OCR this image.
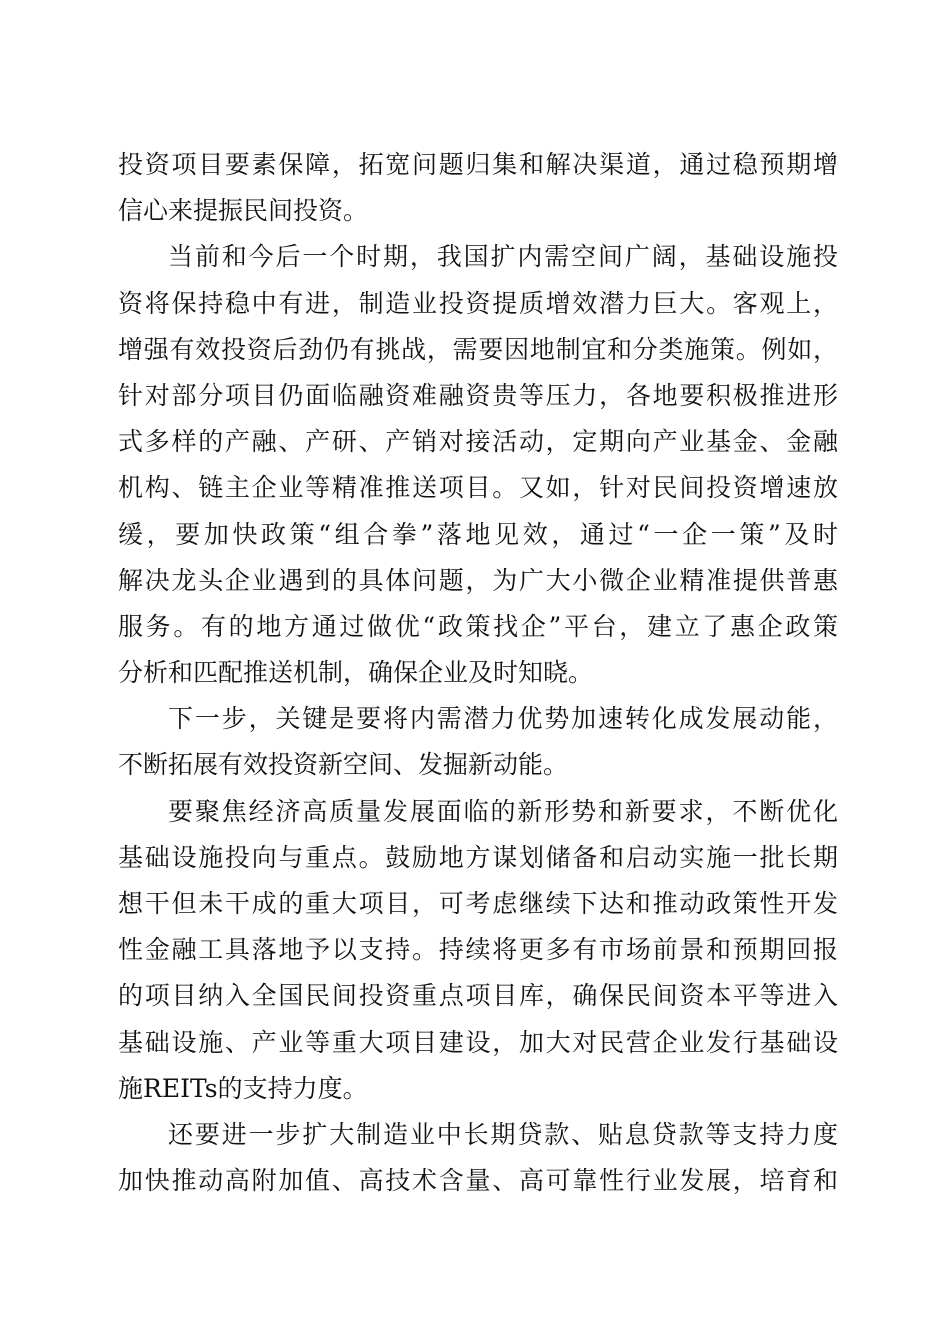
投资项目要素保障，拓宽问题归集和解决渠道，通过稳预期增
信心来提振民间投资。
当前和今后一个时期，我国扩内需空间广阔，基础设施投
资将保持稳中有进，制造业投资提质增效潜力巨大。客观上，
增强有效投资后劲仍有挑战，需要因地制宜和分类施策。例如，
针对部分项目仍面临融资难融资贵等压力，各地要积极推进形
式多样的产融、产研、产销对接活动，定期向产业基金、金融
机构、链主企业等精准推送项目。又如，针对民间投资增速放
缓，要加快政策“组合拳”落地见效，通过“一企一策”及时
解决龙头企业遇到的具体问题，为广大小微企业精准提供普惠
服务。有的地方通过做优“政策找企”平台，建立了惠企政策
分析和匹配推送机制，确保企业及时知晓。
下一步，关键是要将内需潜力优势加速转化成发展动能，
不断拓展有效投资新空间、发掘新动能。
要聚焦经济高质量发展面临的新形势和新要求，不断优化
基础设施投向与重点。鼓励地方谋划储备和启动实施一批长期
想干但未干成的重大项目，可考虑继续下达和推动政策性开发
性金融工具落地予以支持。持续将更多有市场前景和预期回报
的项目纳入全国民间投资重点项目库，确保民间资本平等进入
基础设施、产业等重大项目建设，加大对民营企业发行基础设
施REITs的支持力度。
还要进一步扩大制造业中长期贷款、贴息贷款等支持力度
加快推动高附加值、高技术含量、高可靠性行业发展，培育和
